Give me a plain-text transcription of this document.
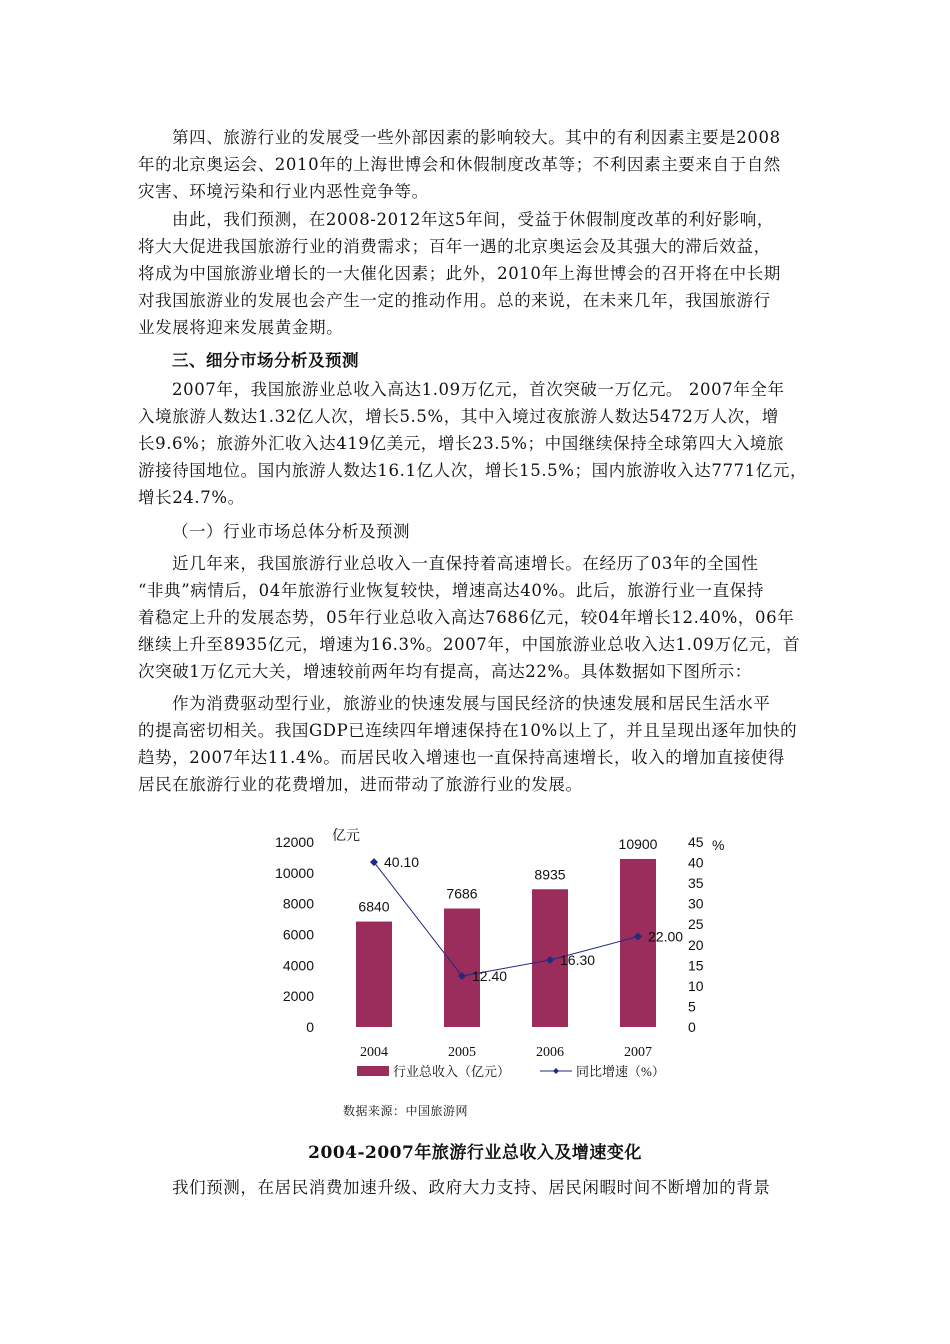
第四、旅游行业的发展受一些外部因素的影响较大。其中的有利因素主要是2008
年的北京奥运会、2010年的上海世博会和休假制度改革等；不利因素主要来自于自然
灾害、环境污染和行业内恶性竞争等。
由此，我们预测，在2008-2012年这5年间，受益于休假制度改革的利好影响，
将大大促进我国旅游行业的消费需求；百年一遇的北京奥运会及其强大的滞后效益，
将成为中国旅游业增长的一大催化因素；此外，2010年上海世博会的召开将在中长期
对我国旅游业的发展也会产生一定的推动作用。总的来说，在未来几年，我国旅游行
业发展将迎来发展黄金期。
三、细分市场分析及预测
2007年，我国旅游业总收入高达1.09万亿元，首次突破一万亿元。 2007年全年
入境旅游人数达1.32亿人次，增长5.5%，其中入境过夜旅游人数达5472万人次，增
长9.6%；旅游外汇收入达419亿美元，增长23.5%；中国继续保持全球第四大入境旅
游接待国地位。国内旅游人数达16.1亿人次，增长15.5%；国内旅游收入达7771亿元，
增长24.7%。
（一）行业市场总体分析及预测
近几年来，我国旅游行业总收入一直保持着高速增长。在经历了03年的全国性
“非典”病情后，04年旅游行业恢复较快，增速高达40%。此后，旅游行业一直保持
着稳定上升的发展态势，05年行业总收入高达7686亿元，较04年增长12.40%，06年
继续上升至8935亿元，增速为16.3%。2007年，中国旅游业总收入达1.09万亿元，首
次突破1万亿元大关，增速较前两年均有提高，高达22%。具体数据如下图所示：
作为消费驱动型行业，旅游业的快速发展与国民经济的快速发展和居民生活水平
的提高密切相关。我国GDP已连续四年增速保持在10%以上了，并且呈现出逐年加快的
趋势，2007年达11.4%。而居民收入增速也一直保持高速增长，收入的增加直接使得
居民在旅游行业的花费增加，进而带动了旅游行业的发展。
0
2000
4000
6000
8000
10000
12000 亿元
0
5
10
15
20
25
30
35
40
45 %
2004	2005	2006	2007
6840
7686
8935
10900
40.10
12.40
16.30
22.00
行业总收入（亿元）	同比增速（%）
数据来源：中国旅游网
2004-2007年旅游行业总收入及增速变化
我们预测，在居民消费加速升级、政府大力支持、居民闲暇时间不断增加的背景
